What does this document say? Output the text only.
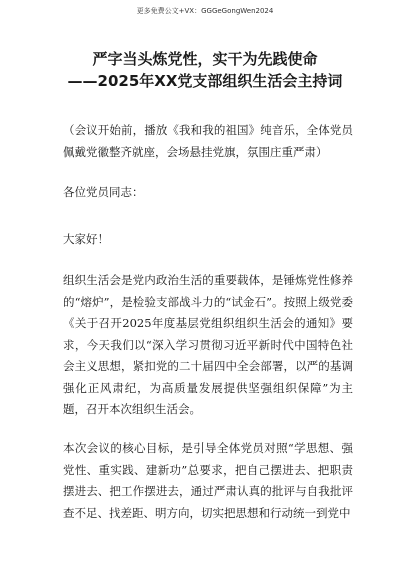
更多免费公文+VX：GGGeGongWen2024
严字当头炼党性，实干为先践使命
——2025年XX党支部组织生活会主持词

（会议开始前，播放《我和我的祖国》纯音乐，全体党员佩戴党徽整齐就座，会场悬挂党旗，氛围庄重严肃）

各位党员同志：

大家好！

组织生活会是党内政治生活的重要载体，是锤炼党性修养的“熔炉”，是检验支部战斗力的“试金石”。按照上级党委《关于召开2025年度基层党组织组织生活会的通知》要求，今天我们以“深入学习贯彻习近平新时代中国特色社会主义思想，紧扣党的二十届四中全会部署，以严的基调强化正风肃纪，为高质量发展提供坚强组织保障”为主题，召开本次组织生活会。

本次会议的核心目标，是引导全体党员对照“学思想、强党性、重实践、建新功”总要求，把自己摆进去、把职责摆进去、把工作摆进去，通过严肃认真的批评与自我批评查不足、找差距、明方向，切实把思想和行动统一到党中
